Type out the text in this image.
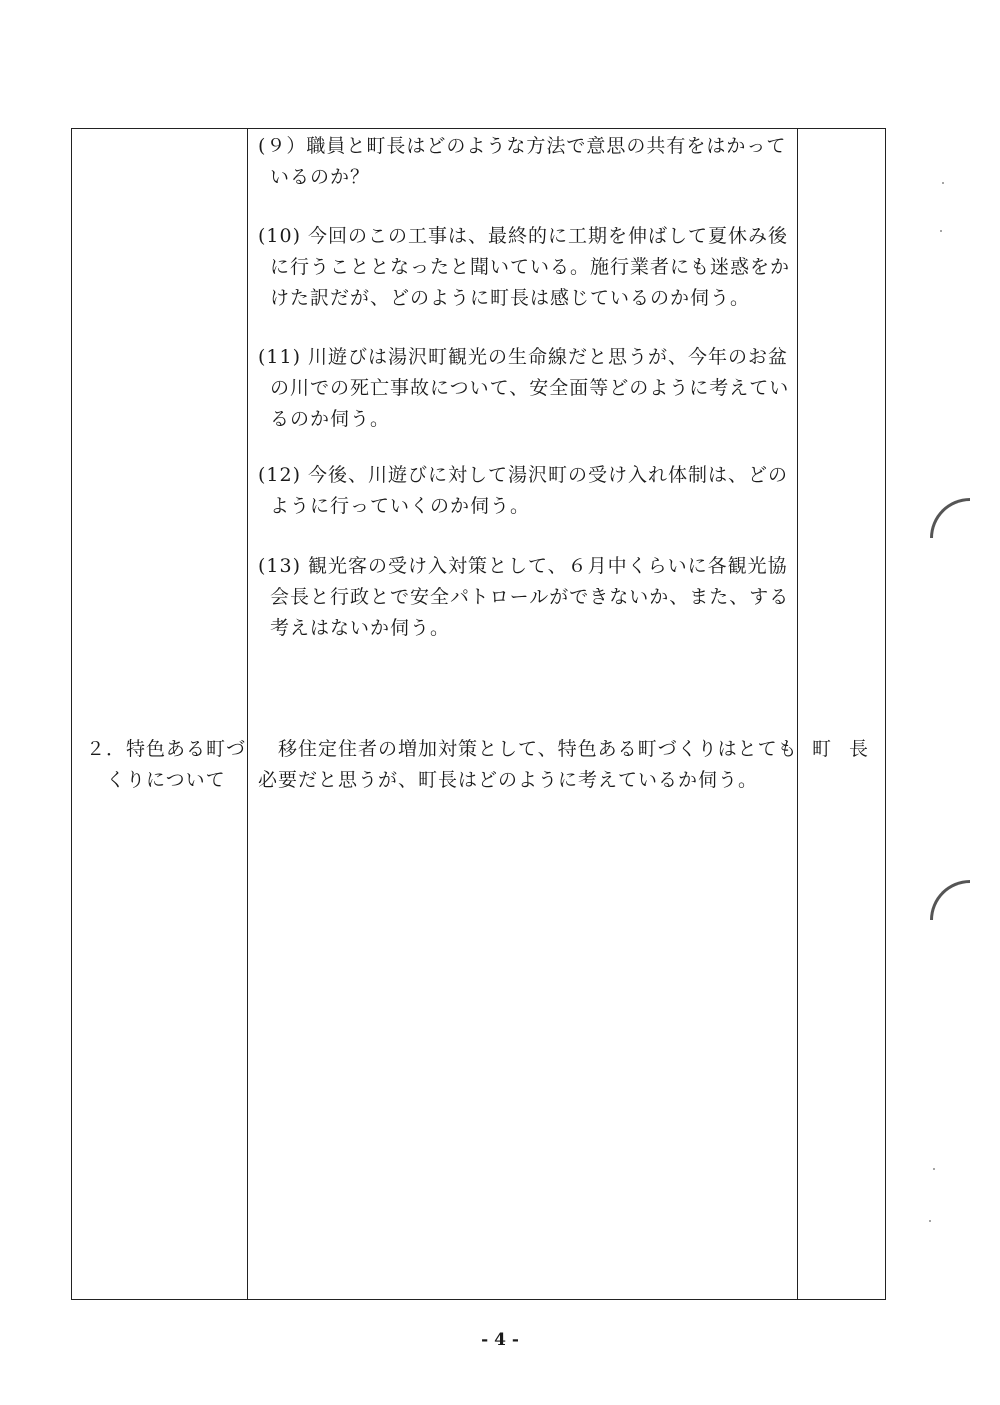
(９）職員と町長はどのような方法で意思の共有をはかって
いるのか？
(10) 今回のこの工事は、最終的に工期を伸ばして夏休み後
に行うこととなったと聞いている。施行業者にも迷惑をか
けた訳だが、どのように町長は感じているのか伺う。
(11) 川遊びは湯沢町観光の生命線だと思うが、今年のお盆
の川での死亡事故について、安全面等どのように考えてい
るのか伺う。
(12) 今後、川遊びに対して湯沢町の受け入れ体制は、どの
ように行っていくのか伺う。
(13) 観光客の受け入対策として、６月中くらいに各観光協
会長と行政とで安全パトロールができないか、また、する
考えはないか伺う。
２．特色ある町づ
くりについて
　移住定住者の増加対策として、特色ある町づくりはとても
必要だと思うが、町長はどのように考えているか伺う。
町長
- 4 -
